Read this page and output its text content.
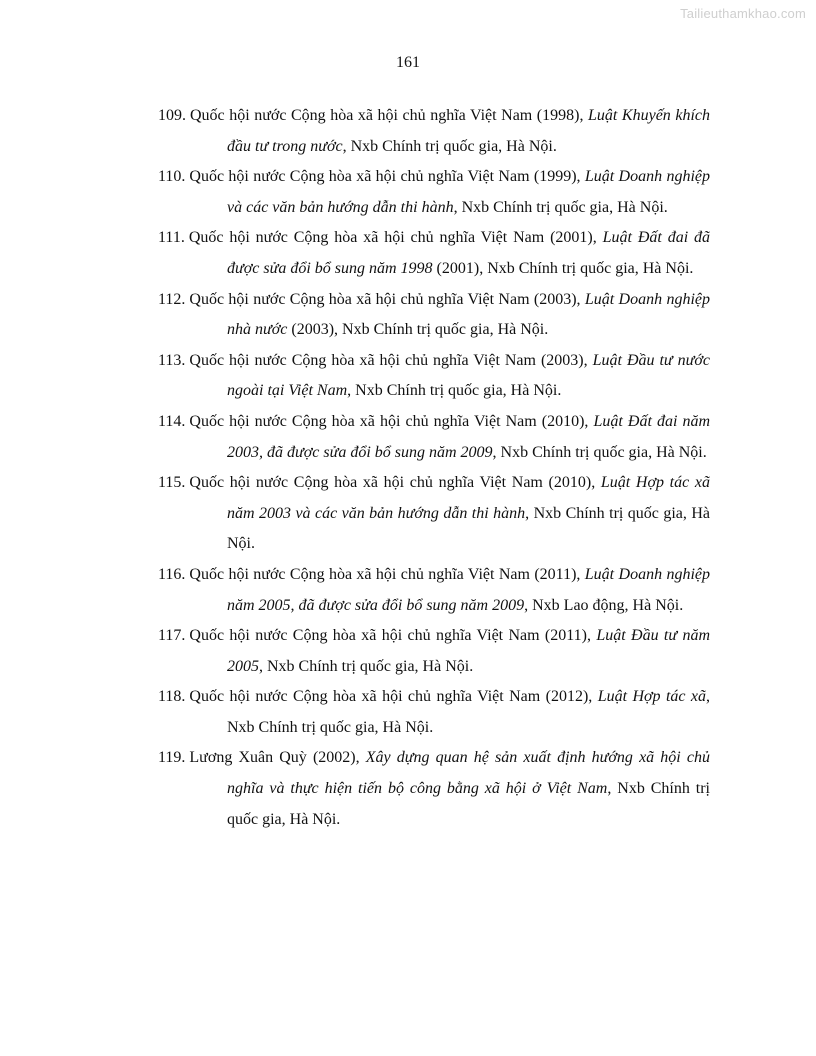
Tailieuthamkhao.com
161
109. Quốc hội nước Cộng hòa xã hội chủ nghĩa Việt Nam (1998), Luật Khuyến khích đầu tư trong nước, Nxb Chính trị quốc gia, Hà Nội.
110. Quốc hội nước Cộng hòa xã hội chủ nghĩa Việt Nam (1999), Luật Doanh nghiệp và các văn bản hướng dẫn thi hành, Nxb Chính trị quốc gia, Hà Nội.
111. Quốc hội nước Cộng hòa xã hội chủ nghĩa Việt Nam (2001), Luật Đất đai đã được sửa đổi bổ sung năm 1998 (2001), Nxb Chính trị quốc gia, Hà Nội.
112. Quốc hội nước Cộng hòa xã hội chủ nghĩa Việt Nam (2003), Luật Doanh nghiệp nhà nước (2003), Nxb Chính trị quốc gia, Hà Nội.
113. Quốc hội nước Cộng hòa xã hội chủ nghĩa Việt Nam (2003), Luật Đầu tư nước ngoài tại Việt Nam, Nxb Chính trị quốc gia, Hà Nội.
114. Quốc hội nước Cộng hòa xã hội chủ nghĩa Việt Nam (2010), Luật Đất đai năm 2003, đã được sửa đổi bổ sung năm 2009, Nxb Chính trị quốc gia, Hà Nội.
115. Quốc hội nước Cộng hòa xã hội chủ nghĩa Việt Nam (2010), Luật Hợp tác xã năm 2003 và các văn bản hướng dẫn thi hành, Nxb Chính trị quốc gia, Hà Nội.
116. Quốc hội nước Cộng hòa xã hội chủ nghĩa Việt Nam (2011), Luật Doanh nghiệp năm 2005, đã được sửa đổi bổ sung năm 2009, Nxb Lao động, Hà Nội.
117. Quốc hội nước Cộng hòa xã hội chủ nghĩa Việt Nam (2011), Luật Đầu tư năm 2005, Nxb Chính trị quốc gia, Hà Nội.
118. Quốc hội nước Cộng hòa xã hội chủ nghĩa Việt Nam (2012), Luật Hợp tác xã, Nxb Chính trị quốc gia, Hà Nội.
119. Lương Xuân Quỳ (2002), Xây dựng quan hệ sản xuất định hướng xã hội chủ nghĩa và thực hiện tiến bộ công bằng xã hội ở Việt Nam, Nxb Chính trị quốc gia, Hà Nội.
